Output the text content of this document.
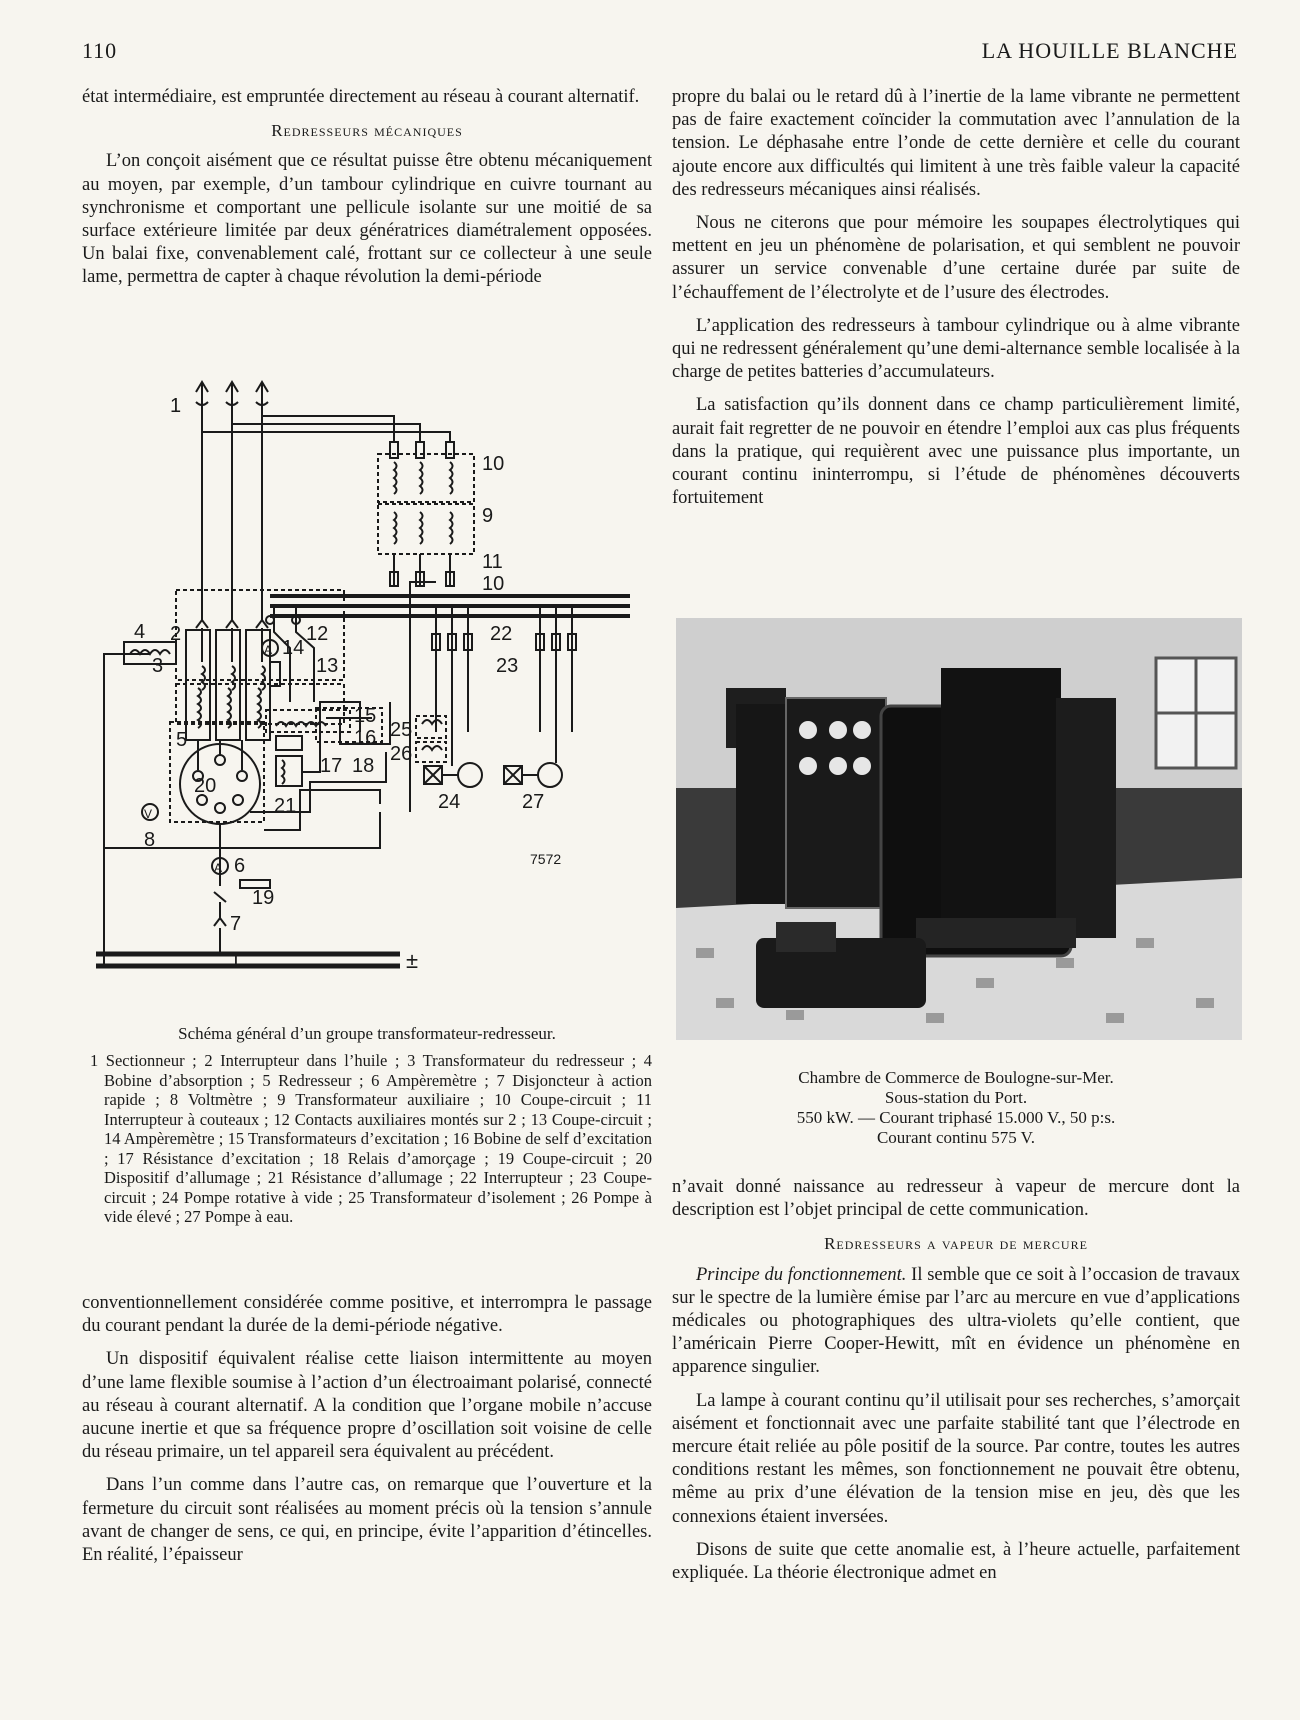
110	LA HOUILLE BLANCHE

état intermédiaire, est empruntée directement au réseau à courant alternatif.

Redresseurs mécaniques

L’on conçoit aisément que ce résultat puisse être obtenu mécaniquement au moyen, par exemple, d’un tambour cylindrique en cuivre tournant au synchronisme et comportant une pellicule isolante sur une moitié de sa surface extérieure limitée par deux génératrices diamétralement opposées. Un balai fixe, convenablement calé, frottant sur ce collecteur à une seule lame, permettra de capter à chaque révolution la demi-période

1
10
9
11
10
2	12	22
3	13	23
4
14
15
16
17 18
5	25
26
20
21	24	27
8
6
19
7
1
V
A
A
7572
±
Schéma général d’un groupe transformateur-redresseur.
1 Sectionneur ; 2 Interrupteur dans l’huile ; 3 Transformateur du redresseur ; 4 Bobine d’absorption ; 5 Redresseur ; 6 Ampèremètre ; 7 Disjoncteur à action rapide ; 8 Voltmètre ; 9 Transformateur auxiliaire ; 10 Coupe-circuit ; 11 Interrupteur à couteaux ; 12 Contacts auxiliaires montés sur 2 ; 13 Coupe-circuit ; 14 Ampèremètre ; 15 Transformateurs d’excitation ; 16 Bobine de self d’excitation ; 17 Résistance d’excitation ; 18 Relais d’amorçage ; 19 Coupe-circuit ; 20 Dispositif d’allumage ; 21 Résistance d’allumage ; 22 Interrupteur ; 23 Coupe-circuit ; 24 Pompe rotative à vide ; 25 Transformateur d’isolement ; 26 Pompe à vide élevé ; 27 Pompe à eau.

conventionnellement considérée comme positive, et interrompra le passage du courant pendant la durée de la demi-période négative.

Un dispositif équivalent réalise cette liaison intermittente au moyen d’une lame flexible soumise à l’action d’un électroaimant polarisé, connecté au réseau à courant alternatif. A la condition que l’organe mobile n’accuse aucune inertie et que sa fréquence propre d’oscillation soit voisine de celle du réseau primaire, un tel appareil sera équivalent au précédent.

Dans l’un comme dans l’autre cas, on remarque que l’ouverture et la fermeture du circuit sont réalisées au moment précis où la tension s’annule avant de changer de sens, ce qui, en principe, évite l’apparition d’étincelles. En réalité, l’épaisseur

propre du balai ou le retard dû à l’inertie de la lame vibrante ne permettent pas de faire exactement coïncider la commutation avec l’annulation de la tension. Le déphasahe entre l’onde de cette dernière et celle du courant ajoute encore aux difficultés qui limitent à une très faible valeur la capacité des redresseurs mécaniques ainsi réalisés.

Nous ne citerons que pour mémoire les soupapes électrolytiques qui mettent en jeu un phénomène de polarisation, et qui semblent ne pouvoir assurer un service convenable d’une certaine durée par suite de l’échauffement de l’électrolyte et de l’usure des électrodes.

L’application des redresseurs à tambour cylindrique ou à alme vibrante qui ne redressent généralement qu’une demi-alternance semble localisée à la charge de petites batteries d’accumulateurs.

La satisfaction qu’ils donnent dans ce champ particulièrement limité, aurait fait regretter de ne pouvoir en étendre l’emploi aux cas plus fréquents dans la pratique, qui requièrent avec une puissance plus importante, un courant continu ininterrompu, si l’étude de phénomènes découverts fortuitement

Chambre de Commerce de Boulogne-sur-Mer.
Sous-station du Port.
550 kW. — Courant triphasé 15.000 V., 50 p:s.
Courant continu 575 V.

n’avait donné naissance au redresseur à vapeur de mercure dont la description est l’objet principal de cette communication.

Redresseurs a vapeur de mercure

Principe du fonctionnement. Il semble que ce soit à l’occasion de travaux sur le spectre de la lumière émise par l’arc au mercure en vue d’applications médicales ou photographiques des ultra-violets qu’elle contient, que l’américain Pierre Cooper-Hewitt, mît en évidence un phénomène en apparence singulier.

La lampe à courant continu qu’il utilisait pour ses recherches, s’amorçait aisément et fonctionnait avec une parfaite stabilité tant que l’électrode en mercure était reliée au pôle positif de la source. Par contre, toutes les autres conditions restant les mêmes, son fonctionnement ne pouvait être obtenu, même au prix d’une élévation de la tension mise en jeu, dès que les connexions étaient inversées.

Disons de suite que cette anomalie est, à l’heure actuelle, parfaitement expliquée. La théorie électronique admet en
